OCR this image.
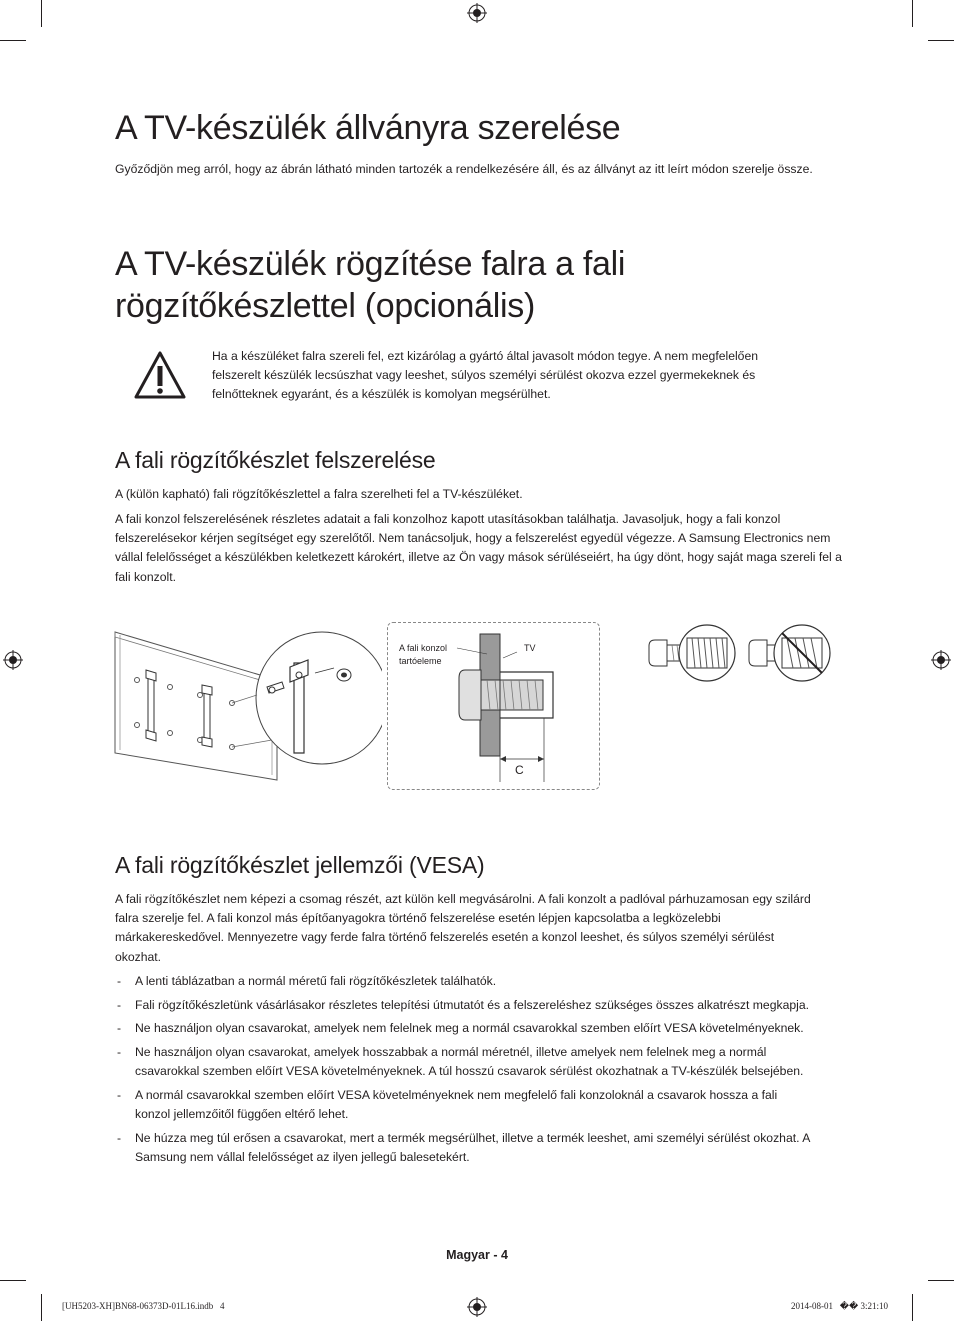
A TV-készülék állványra szerelése

Győződjön meg arról, hogy az ábrán látható minden tartozék a rendelkezésére áll, és az állványt az itt leírt módon szerelje össze.

A TV-készülék rögzítése falra a fali
rögzítőkészlettel (opcionális)

Ha a készüléket falra szereli fel, ezt kizárólag a gyártó által javasolt módon tegye. A nem megfelelően felszerelt készülék lecsúszhat vagy leeshet, súlyos személyi sérülést okozva ezzel gyermekeknek és felnőtteknek egyaránt, és a készülék is komolyan megsérülhet.

A fali rögzítőkészlet felszerelése

A (külön kapható) fali rögzítőkészlettel a falra szerelheti fel a TV-készüléket.

A fali konzol felszerelésének részletes adatait a fali konzolhoz kapott utasításokban találhatja. Javasoljuk, hogy a fali konzol felszerelésekor kérjen segítséget egy szerelőtől. Nem tanácsoljuk, hogy a felszerelést egyedül végezze. A Samsung Electronics nem vállal felelősséget a készülékben keletkezett károkért, illetve az Ön vagy mások sérüléseiért, ha úgy dönt, hogy saját maga szereli fel a fali konzolt.

A fali konzol
tartóeleme
TV
C
A fali rögzítőkészlet jellemzői (VESA)

A fali rögzítőkészlet nem képezi a csomag részét, azt külön kell megvásárolni. A fali konzolt a padlóval párhuzamosan egy szilárd falra szerelje fel. A fali konzol más építőanyagokra történő felszerelése esetén lépjen kapcsolatba a legközelebbi márkakereskedővel. Mennyezetre vagy ferde falra történő felszerelés esetén a konzol leeshet, és súlyos személyi sérülést okozhat.

- A lenti táblázatban a normál méretű fali rögzítőkészletek találhatók.
- Fali rögzítőkészletünk vásárlásakor részletes telepítési útmutatót és a felszereléshez szükséges összes alkatrészt megkapja.
- Ne használjon olyan csavarokat, amelyek nem felelnek meg a normál csavarokkal szemben előírt VESA követelményeknek.
- Ne használjon olyan csavarokat, amelyek hosszabbak a normál méretnél, illetve amelyek nem felelnek meg a normál csavarokkal szemben előírt VESA követelményeknek. A túl hosszú csavarok sérülést okozhatnak a TV-készülék belsejében.
- A normál csavarokkal szemben előírt VESA követelményeknek nem megfelelő fali konzoloknál a csavarok hossza a fali konzol jellemzőitől függően eltérő lehet.
- Ne húzza meg túl erősen a csavarokat, mert a termék megsérülhet, illetve a termék leeshet, ami személyi sérülést okozhat. A Samsung nem vállal felelősséget az ilyen jellegű balesetekért.
Magyar - 4
[UH5203-XH]BN68-06373D-01L16.indb   4	2014-08-01   �� 3:21:10
